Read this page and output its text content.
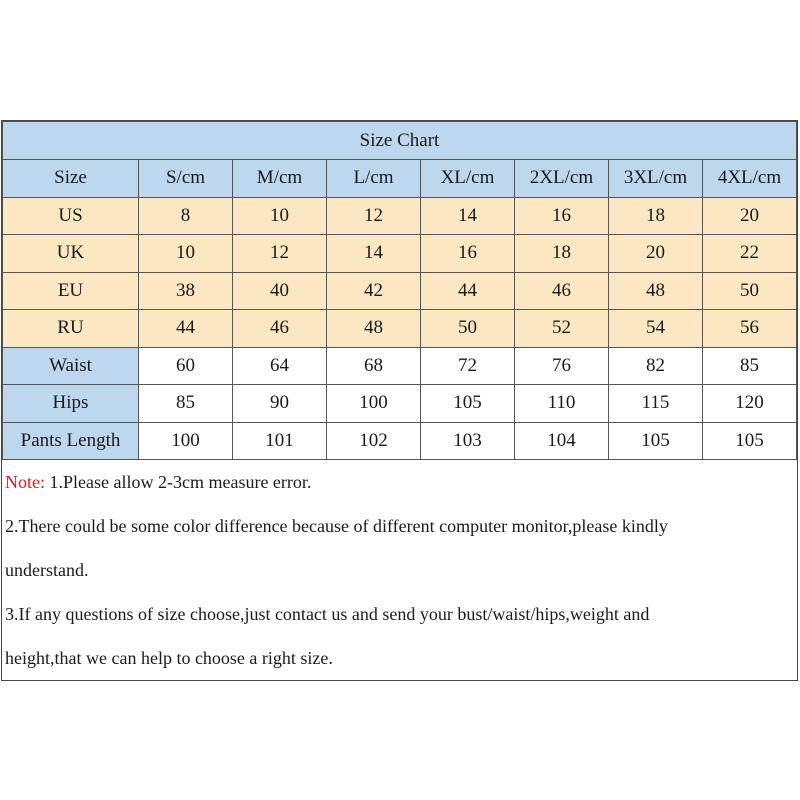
Size Chart							
Size	S/cm	M/cm	L/cm	XL/cm	2XL/cm	3XL/cm	4XL/cm
US	8	10	12	14	16	18	20
UK	10	12	14	16	18	20	22
EU	38	40	42	44	46	48	50
RU	44	46	48	50	52	54	56
Waist	60	64	68	72	76	82	85
Hips	85	90	100	105	110	115	120
Pants Length	100	101	102	103	104	105	105

Note: 1.Please allow 2-3cm measure error.

2.There could be some color difference because of different computer monitor,please kindly

understand.

3.If any questions of size choose,just contact us and send your bust/waist/hips,weight and

height,that we can help to choose a right size.
